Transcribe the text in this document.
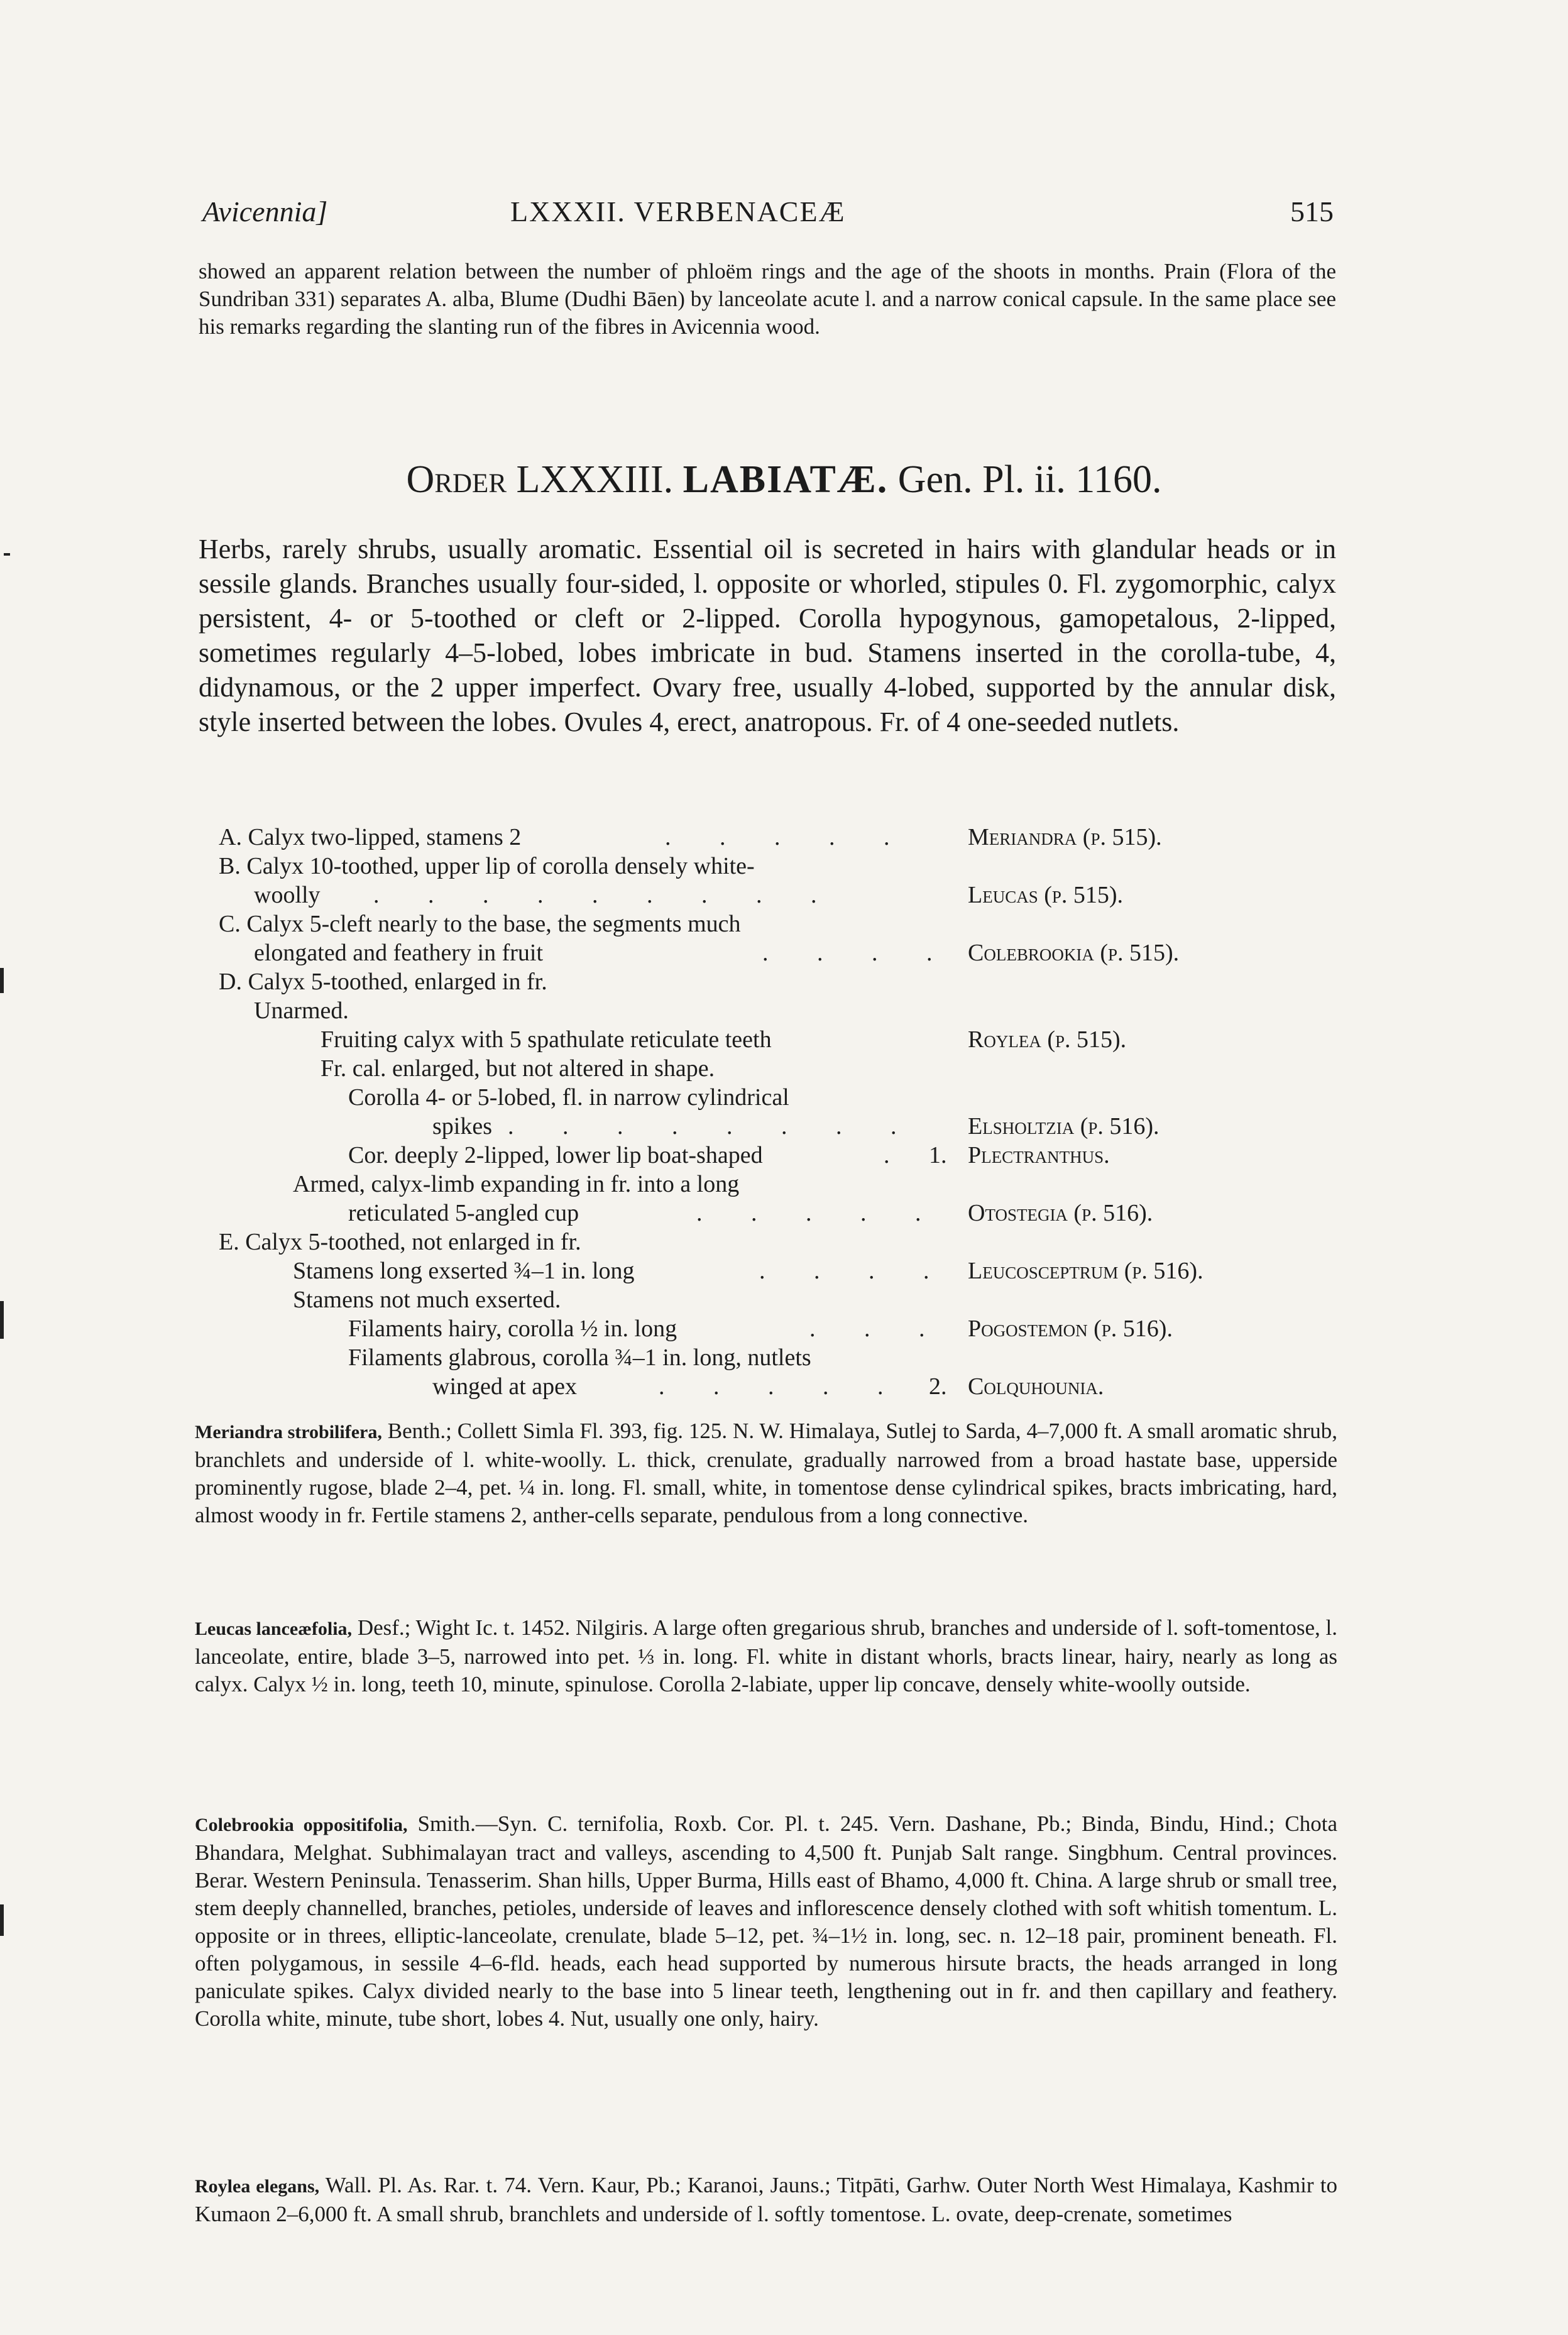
Avicennia]	LXXXII. VERBENACEÆ	515
showed an apparent relation between the number of phloëm rings and the age of the shoots in months. Prain (Flora of the Sundriban 331) separates A. alba, Blume (Dudhi Bāen) by lanceolate acute l. and a narrow conical capsule. In the same place see his remarks regarding the slanting run of the fibres in Avicennia wood.
Order LXXXIII. LABIATÆ. Gen. Pl. ii. 1160.
Herbs, rarely shrubs, usually aromatic. Essential oil is secreted in hairs with glandular heads or in sessile glands. Branches usually four-sided, l. opposite or whorled, stipules 0. Fl. zygomorphic, calyx persistent, 4- or 5-toothed or cleft or 2-lipped. Corolla hypogynous, gamopetalous, 2-lipped, sometimes regularly 4–5-lobed, lobes imbricate in bud. Stamens inserted in the corolla-tube, 4, didynamous, or the 2 upper imperfect. Ovary free, usually 4-lobed, supported by the annular disk, style inserted between the lobes. Ovules 4, erect, anatropous. Fr. of 4 one-seeded nutlets.
A. Calyx two-lipped, stamens 2	. . . . . Meriandra (p. 515).
B. Calyx 10-toothed, upper lip of corolla densely white-
woolly . . . . . . . . .	Leucas (p. 515).
C. Calyx 5-cleft nearly to the base, the segments much
elongated and feathery in fruit	. . . . Colebrookia (p. 515).
D. Calyx 5-toothed, enlarged in fr.
Unarmed.
Fruiting calyx with 5 spathulate reticulate teeth	Roylea (p. 515).
Fr. cal. enlarged, but not altered in shape.
Corolla 4- or 5-lobed, fl. in narrow cylindrical
spikes . . . . . . . . Elsholtzia (p. 516).
Cor. deeply 2-lipped, lower lip boat-shaped	. 1. Plectranthus.
Armed, calyx-limb expanding in fr. into a long
reticulated 5-angled cup	. . . . . Otostegia (p. 516).
E. Calyx 5-toothed, not enlarged in fr.
Stamens long exserted ¾–1 in. long	. . . . Leucosceptrum (p. 516).
Stamens not much exserted.
Filaments hairy, corolla ½ in. long	. . . Pogostemon (p. 516).
Filaments glabrous, corolla ¾–1 in. long, nutlets
winged at apex	. . . . . 2. Colquhounia.
Meriandra strobilifera, Benth.; Collett Simla Fl. 393, fig. 125. N. W. Himalaya, Sutlej to Sarda, 4–7,000 ft. A small aromatic shrub, branchlets and underside of l. white-woolly. L. thick, crenulate, gradually narrowed from a broad hastate base, upperside prominently rugose, blade 2–4, pet. ¼ in. long. Fl. small, white, in tomentose dense cylindrical spikes, bracts imbricating, hard, almost woody in fr. Fertile stamens 2, anther-cells separate, pendulous from a long connective.
Leucas lanceæfolia, Desf.; Wight Ic. t. 1452. Nilgiris. A large often gregarious shrub, branches and underside of l. soft-tomentose, l. lanceolate, entire, blade 3–5, narrowed into pet. ⅓ in. long. Fl. white in distant whorls, bracts linear, hairy, nearly as long as calyx. Calyx ½ in. long, teeth 10, minute, spinulose. Corolla 2-labiate, upper lip concave, densely white-woolly outside.
Colebrookia oppositifolia, Smith.—Syn. C. ternifolia, Roxb. Cor. Pl. t. 245. Vern. Dashane, Pb.; Binda, Bindu, Hind.; Chota Bhandara, Melghat. Subhimalayan tract and valleys, ascending to 4,500 ft. Punjab Salt range. Singbhum. Central provinces. Berar. Western Peninsula. Tenasserim. Shan hills, Upper Burma, Hills east of Bhamo, 4,000 ft. China. A large shrub or small tree, stem deeply channelled, branches, petioles, underside of leaves and inflorescence densely clothed with soft whitish tomentum. L. opposite or in threes, elliptic-lanceolate, crenulate, blade 5–12, pet. ¾–1½ in. long, sec. n. 12–18 pair, prominent beneath. Fl. often polygamous, in sessile 4–6-fld. heads, each head supported by numerous hirsute bracts, the heads arranged in long paniculate spikes. Calyx divided nearly to the base into 5 linear teeth, lengthening out in fr. and then capillary and feathery. Corolla white, minute, tube short, lobes 4. Nut, usually one only, hairy.
Roylea elegans, Wall. Pl. As. Rar. t. 74. Vern. Kaur, Pb.; Karanoi, Jauns.; Titpāti, Garhw. Outer North West Himalaya, Kashmir to Kumaon 2–6,000 ft. A small shrub, branchlets and underside of l. softly tomentose. L. ovate, deep-crenate, sometimes
